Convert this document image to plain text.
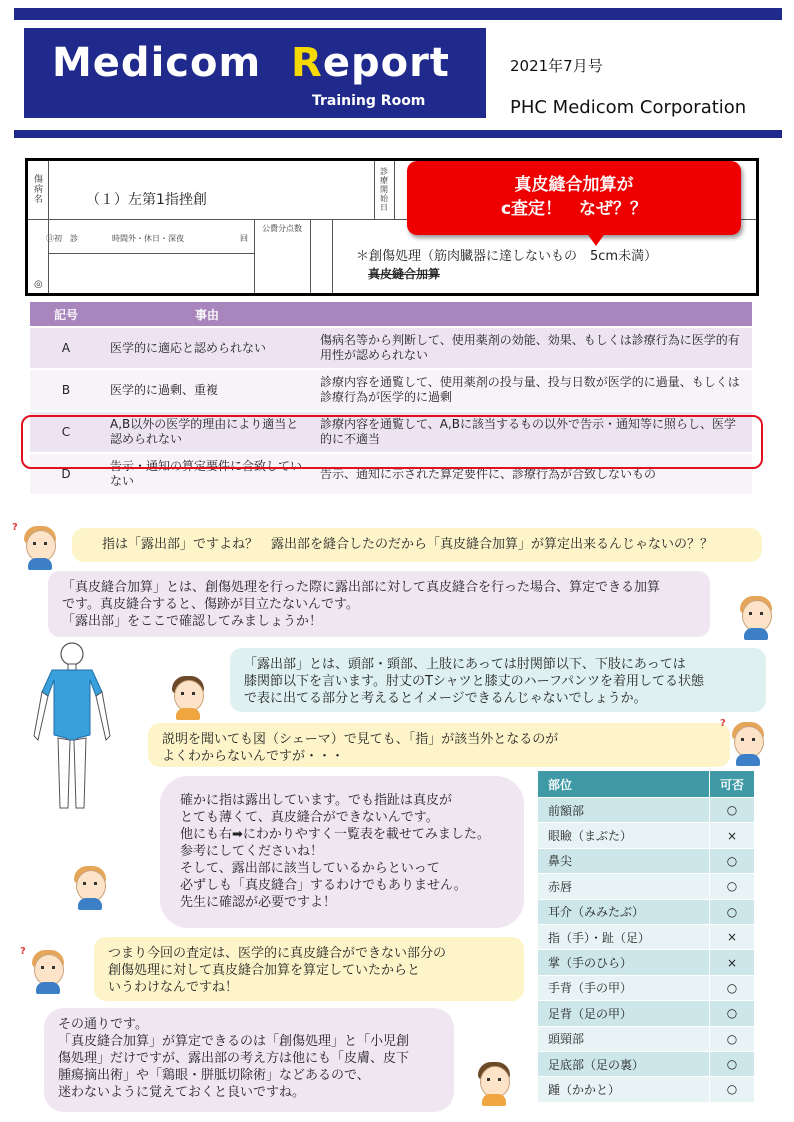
Medicom Report
Training Room
2021年7月号
PHC Medicom Corporation
傷病名	（１）左第1指挫創
診療開始日
⑪初　診	時間外・休日・深夜	回
公費分点数
◎
＊創傷処理（筋肉臓器に達しないもの　5cm未満）
真皮縫合加算
真皮縫合加算が
c査定！　なぜ？？
記号	事由	
A	医学的に適応と認められない	傷病名等から判断して、使用薬剤の効能、効果、もしくは診療行為に医学的有用性が認められない
B	医学的に過剰、重複	診療内容を通覧して、使用薬剤の投与量、投与日数が医学的に過量、もしくは診療行為が医学的に過剰
C	A,B以外の医学的理由により適当と認められない	診療内容を通覧して、A,Bに該当するもの以外で告示・通知等に照らし、医学的に不適当
D	告示・通知の算定要件に合致していない	告示、通知に示された算定要件に、診療行為が合致しないもの
?
指は「露出部」ですよね？　露出部を縫合したのだから「真皮縫合加算」が算定出来るんじゃないの？？
「真皮縫合加算」とは、創傷処理を行った際に露出部に対して真皮縫合を行った場合、算定できる加算
です。真皮縫合すると、傷跡が目立たないんです。
「露出部」をここで確認してみましょうか！
「露出部」とは、頭部・頸部、上肢にあっては肘関節以下、下肢にあっては
膝関節以下を言います。肘丈のTシャツと膝丈のハーフパンツを着用してる状態
で表に出てる部分と考えるとイメージできるんじゃないでしょうか。
説明を聞いても図（シェーマ）で見ても、「指」が該当外となるのが
よくわからないんですが・・・
?
確かに指は露出しています。でも指趾は真皮が
とても薄くて、真皮縫合ができないんです。
他にも右➡にわかりやすく一覧表を載せてみました。
参考にしてくださいね！
そして、露出部に該当しているからといって
必ずしも「真皮縫合」するわけでもありません。
先生に確認が必要ですよ！
?	つまり今回の査定は、医学的に真皮縫合ができない部分の
創傷処理に対して真皮縫合加算を算定していたからと
いうわけなんですね！
その通りです。
「真皮縫合加算」が算定できるのは「創傷処理」と「小児創
傷処理」だけですが、露出部の考え方は他にも「皮膚、皮下
腫瘍摘出術」や「鶏眼・胼胝切除術」などあるので、
迷わないように覚えておくと良いですね。
部位	可否
前額部	○
眼瞼（まぶた）	×
鼻尖	○
赤唇	○
耳介（みみたぶ）	○
指（手）・趾（足）	×
掌（手のひら）	×
手背（手の甲）	○
足背（足の甲）	○
頭頸部	○
足底部（足の裏）	○
踵（かかと）	○
